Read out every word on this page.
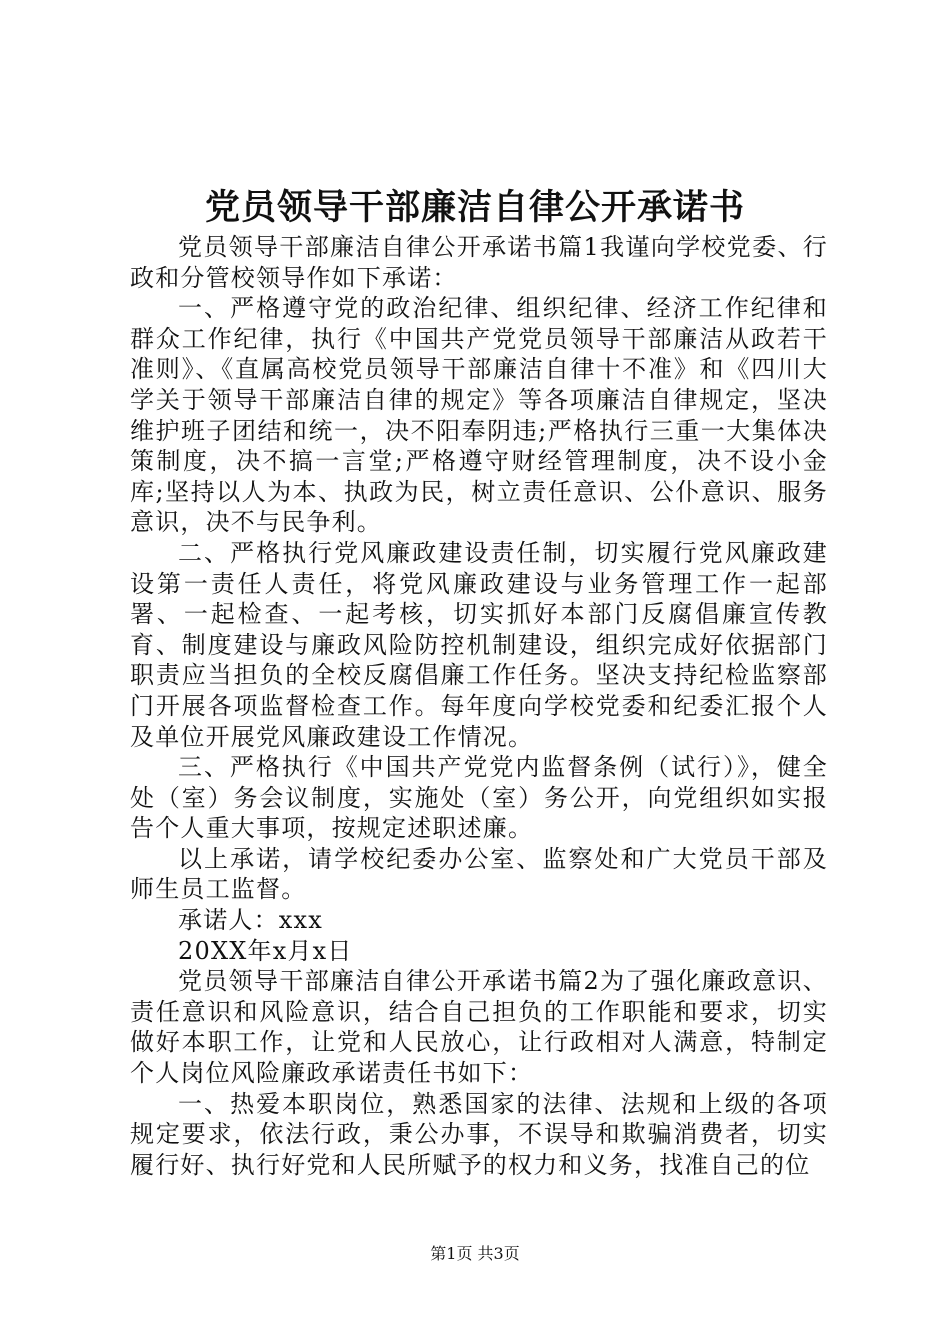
党员领导干部廉洁自律公开承诺书

党员领导干部廉洁自律公开承诺书篇1我谨向学校党委、行政和分管校领导作如下承诺：

一、严格遵守党的政治纪律、组织纪律、经济工作纪律和群众工作纪律，执行《中国共产党党员领导干部廉洁从政若干准则》、《直属高校党员领导干部廉洁自律十不准》和《四川大学关于领导干部廉洁自律的规定》等各项廉洁自律规定，坚决维护班子团结和统一，决不阳奉阴违;严格执行三重一大集体决策制度，决不搞一言堂;严格遵守财经管理制度，决不设小金库;坚持以人为本、执政为民，树立责任意识、公仆意识、服务意识，决不与民争利。

二、严格执行党风廉政建设责任制，切实履行党风廉政建设第一责任人责任，将党风廉政建设与业务管理工作一起部署、一起检查、一起考核，切实抓好本部门反腐倡廉宣传教育、制度建设与廉政风险防控机制建设，组织完成好依据部门职责应当担负的全校反腐倡廉工作任务。坚决支持纪检监察部门开展各项监督检查工作。每年度向学校党委和纪委汇报个人及单位开展党风廉政建设工作情况。

三、严格执行《中国共产党党内监督条例（试行）》，健全处（室）务会议制度，实施处（室）务公开，向党组织如实报告个人重大事项，按规定述职述廉。

以上承诺，请学校纪委办公室、监察处和广大党员干部及师生员工监督。

承诺人：xxx

20XX年x月x日

党员领导干部廉洁自律公开承诺书篇2为了强化廉政意识、责任意识和风险意识，结合自己担负的工作职能和要求，切实做好本职工作，让党和人民放心，让行政相对人满意，特制定个人岗位风险廉政承诺责任书如下：

一、热爱本职岗位，熟悉国家的法律、法规和上级的各项规定要求，依法行政，秉公办事，不误导和欺骗消费者，切实履行好、执行好党和人民所赋予的权力和义务，找准自己的位

第1页 共3页
